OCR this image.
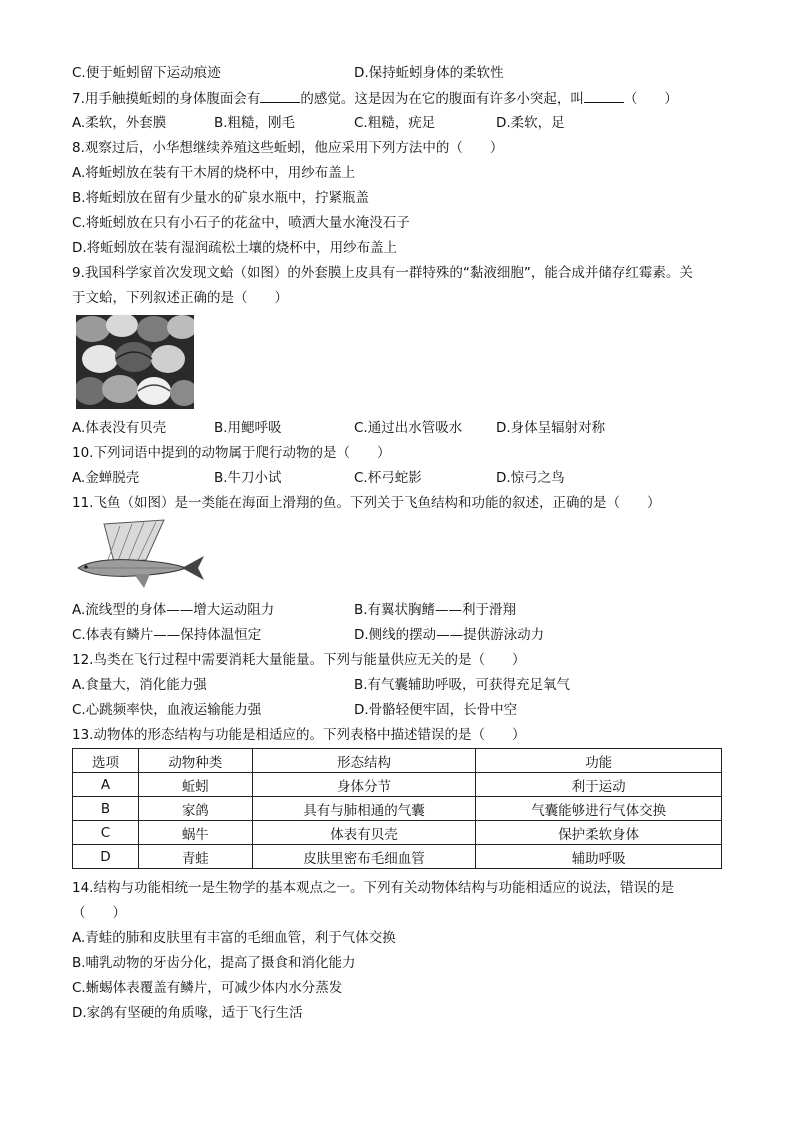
C.便于蚯蚓留下运动痕迹	D.保持蚯蚓身体的柔软性
7.用手触摸蚯蚓的身体腹面会有	的感觉。这是因为在它的腹面有许多小突起，叫	（　　）
A.柔软，外套膜	B.粗糙，刚毛	C.粗糙，疣足	D.柔软，足
8.观察过后，小华想继续养殖这些蚯蚓，他应采用下列方法中的（　　）
A.将蚯蚓放在装有干木屑的烧杯中，用纱布盖上
B.将蚯蚓放在留有少量水的矿泉水瓶中，拧紧瓶盖
C.将蚯蚓放在只有小石子的花盆中，喷洒大量水淹没石子
D.将蚯蚓放在装有湿润疏松土壤的烧杯中，用纱布盖上
9.我国科学家首次发现文蛤（如图）的外套膜上皮具有一群特殊的“黏液细胞”，能合成并储存红霉素。关
于文蛤，下列叙述正确的是（　　）
A.体表没有贝壳	B.用鳃呼吸	C.通过出水管吸水	D.身体呈辐射对称
10.下列词语中提到的动物属于爬行动物的是（　　）
A.金蝉脱壳	B.牛刀小试	C.杯弓蛇影	D.惊弓之鸟
11.飞鱼（如图）是一类能在海面上滑翔的鱼。下列关于飞鱼结构和功能的叙述，正确的是（　　）
A.流线型的身体——增大运动阻力	B.有翼状胸鳍——利于滑翔
C.体表有鳞片——保持体温恒定	D.侧线的摆动——提供游泳动力
12.鸟类在飞行过程中需要消耗大量能量。下列与能量供应无关的是（　　）
A.食量大，消化能力强	B.有气囊辅助呼吸，可获得充足氧气
C.心跳频率快，血液运输能力强	D.骨骼轻便牢固，长骨中空
13.动物体的形态结构与功能是相适应的。下列表格中描述错误的是（　　）
选项	动物种类	形态结构	功能
A	蚯蚓	身体分节	利于运动
B	家鸽	具有与肺相通的气囊	气囊能够进行气体交换
C	蜗牛	体表有贝壳	保护柔软身体
D	青蛙	皮肤里密布毛细血管	辅助呼吸
14.结构与功能相统一是生物学的基本观点之一。下列有关动物体结构与功能相适应的说法，错误的是
（　　）
A.青蛙的肺和皮肤里有丰富的毛细血管，利于气体交换
B.哺乳动物的牙齿分化，提高了摄食和消化能力
C.蜥蜴体表覆盖有鳞片，可减少体内水分蒸发
D.家鸽有坚硬的角质喙，适于飞行生活
